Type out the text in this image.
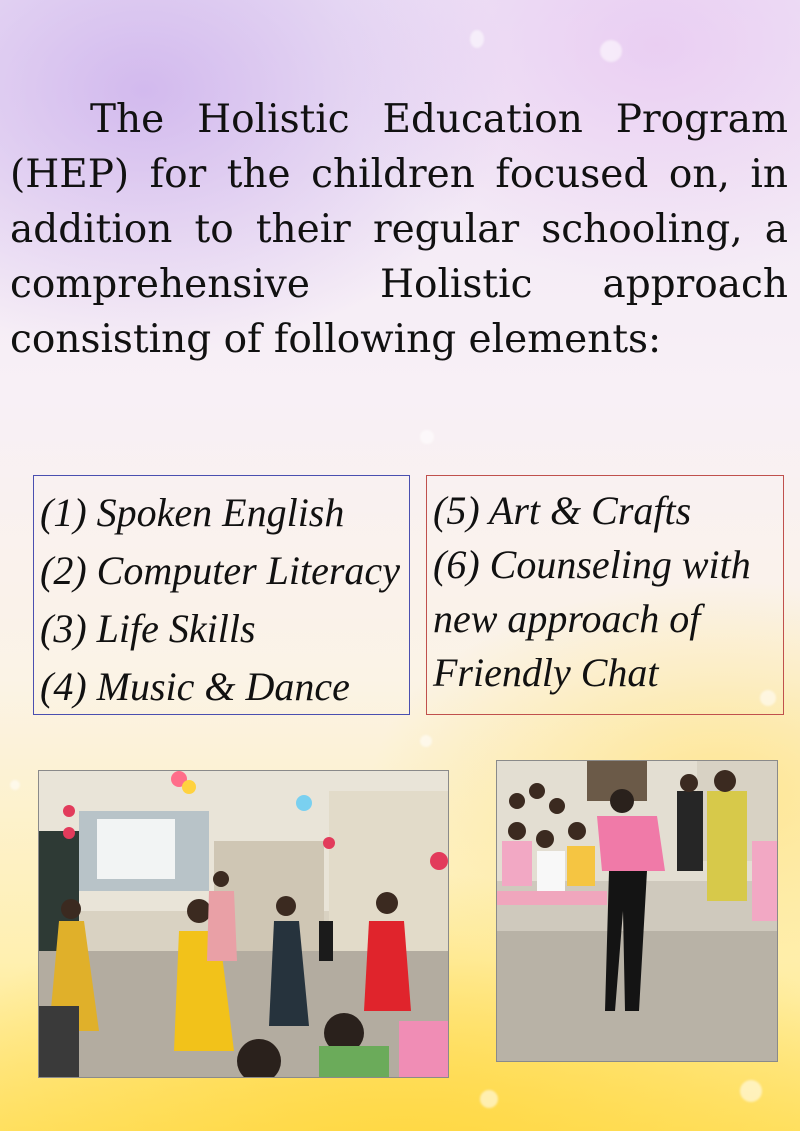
The Holistic Education Program (HEP) for the children focused on, in addition to their regular schooling, a comprehensive Holistic approach consisting of following elements:

(1) Spoken English
(2) Computer Literacy
(3) Life Skills
(4) Music & Dance
(5) Art & Crafts
(6) Counseling with
new approach of
Friendly Chat
